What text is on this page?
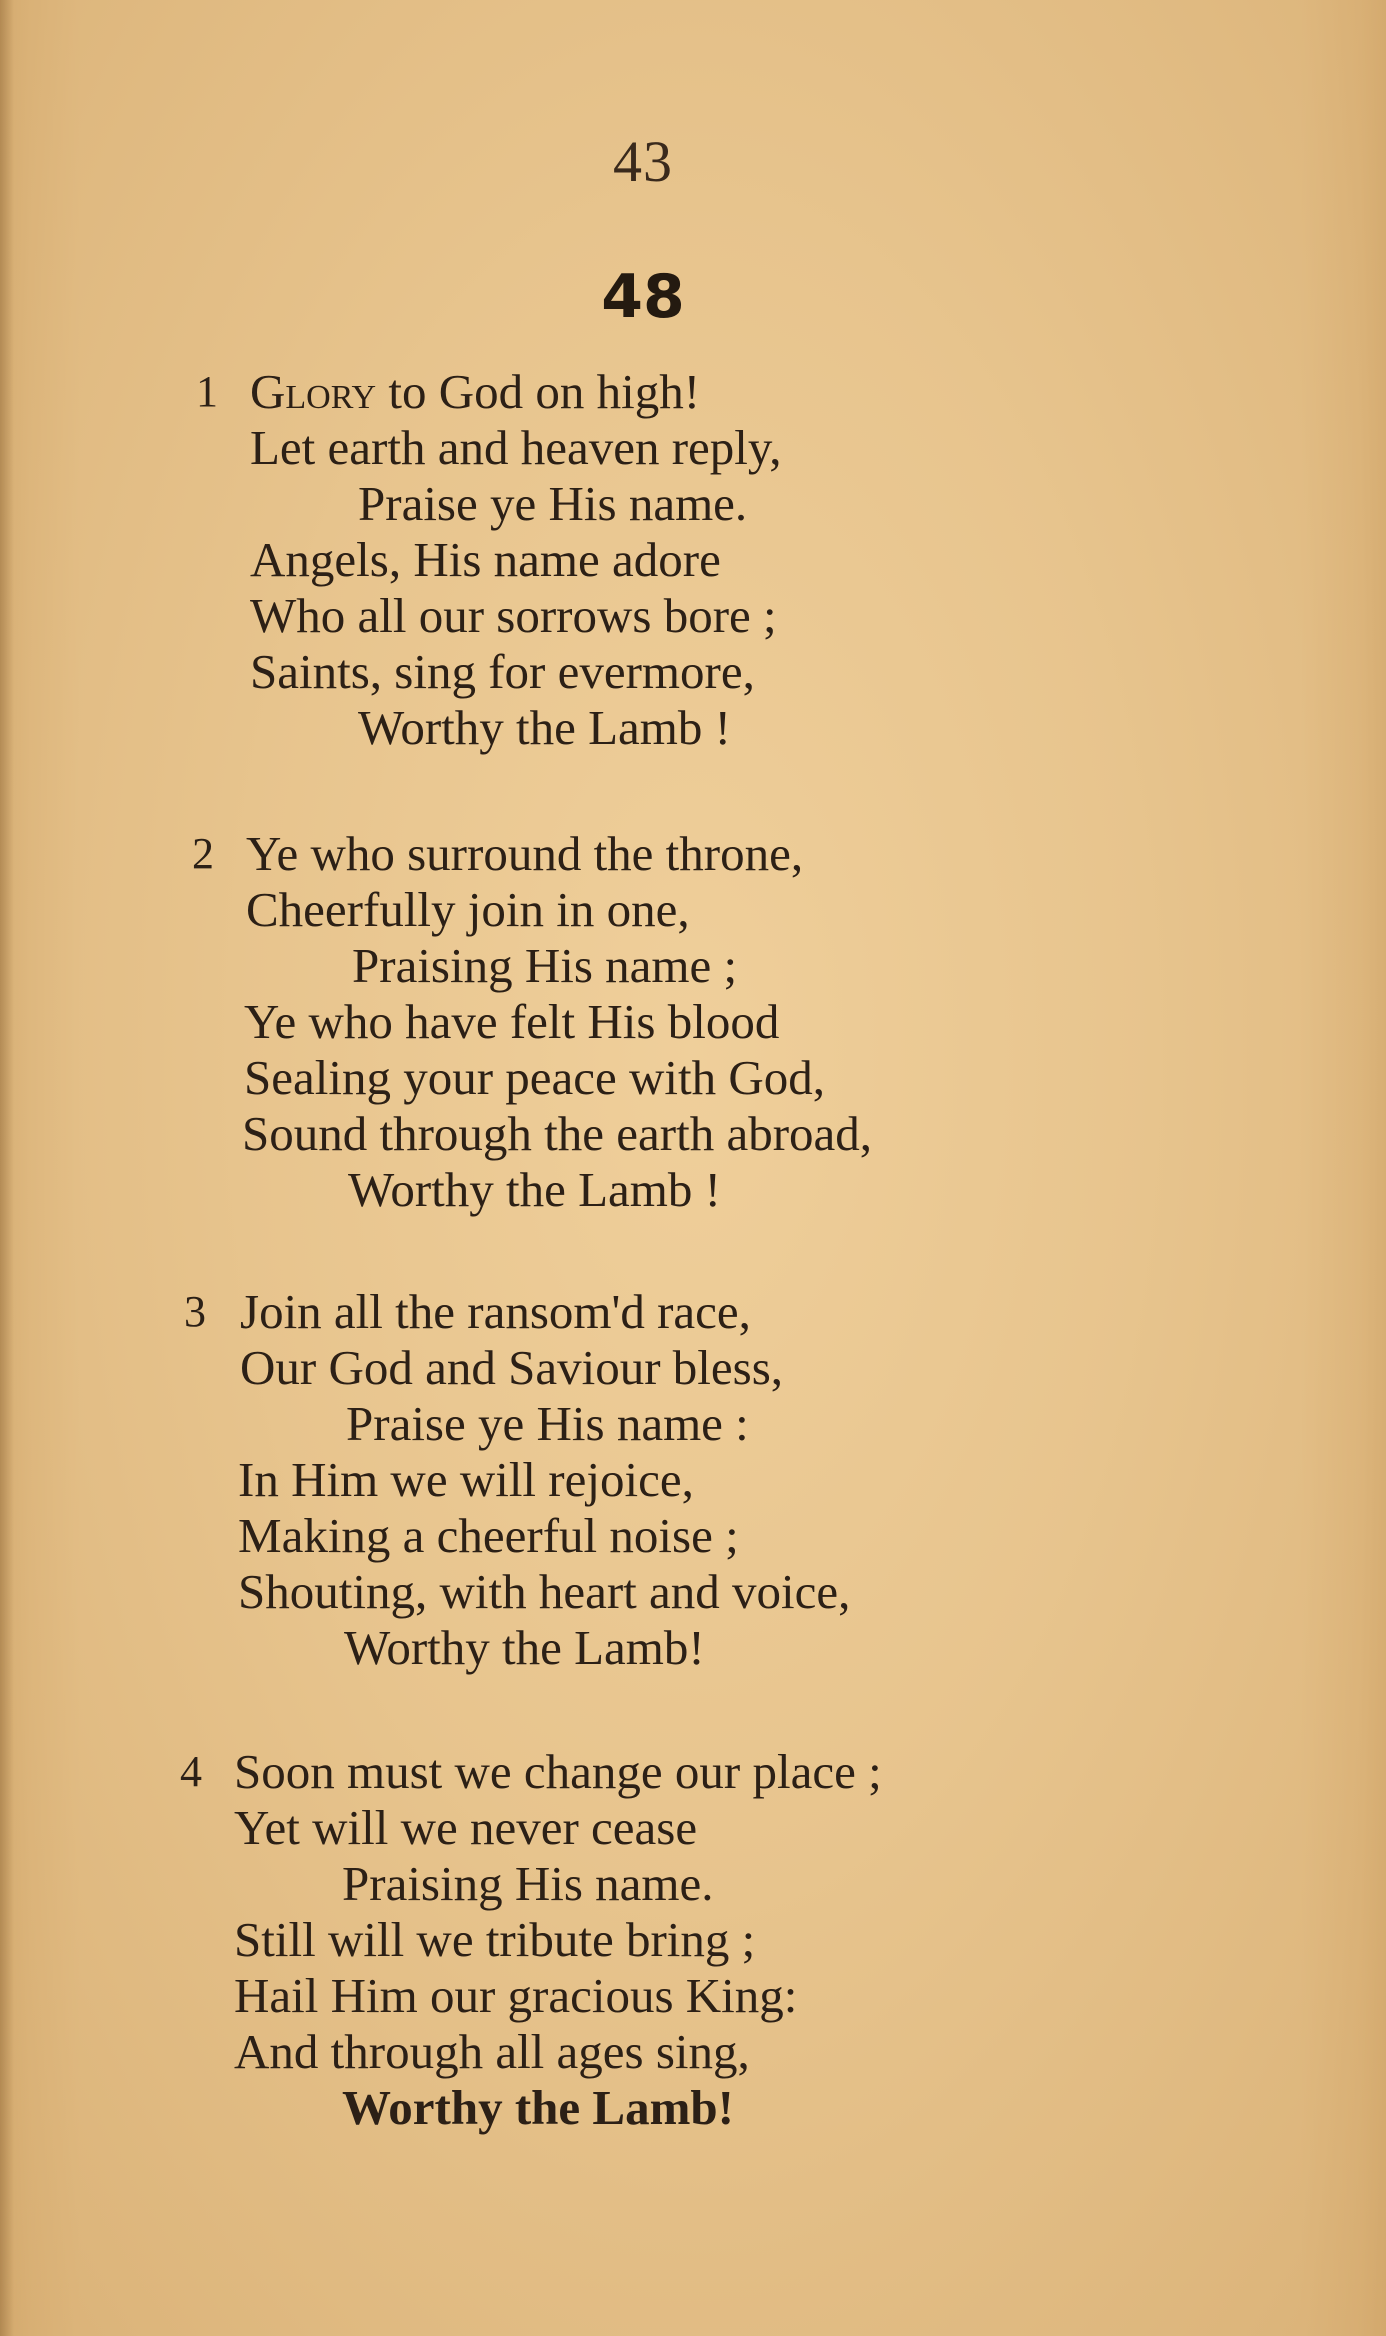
43
48
1 Glory to God on high!
Let earth and heaven reply,
Praise ye His name.
Angels, His name adore
Who all our sorrows bore ;
Saints, sing for evermore,
Worthy the Lamb !
2 Ye who surround the throne,
Cheerfully join in one,
Praising His name ;
Ye who have felt His blood
Sealing your peace with God,
Sound through the earth abroad,
Worthy the Lamb !
3 Join all the ransom'd race,
Our God and Saviour bless,
Praise ye His name :
In Him we will rejoice,
Making a cheerful noise ;
Shouting, with heart and voice,
Worthy the Lamb!
4 Soon must we change our place ;
Yet will we never cease
Praising His name.
Still will we tribute bring ;
Hail Him our gracious King:
And through all ages sing,
Worthy the Lamb!
